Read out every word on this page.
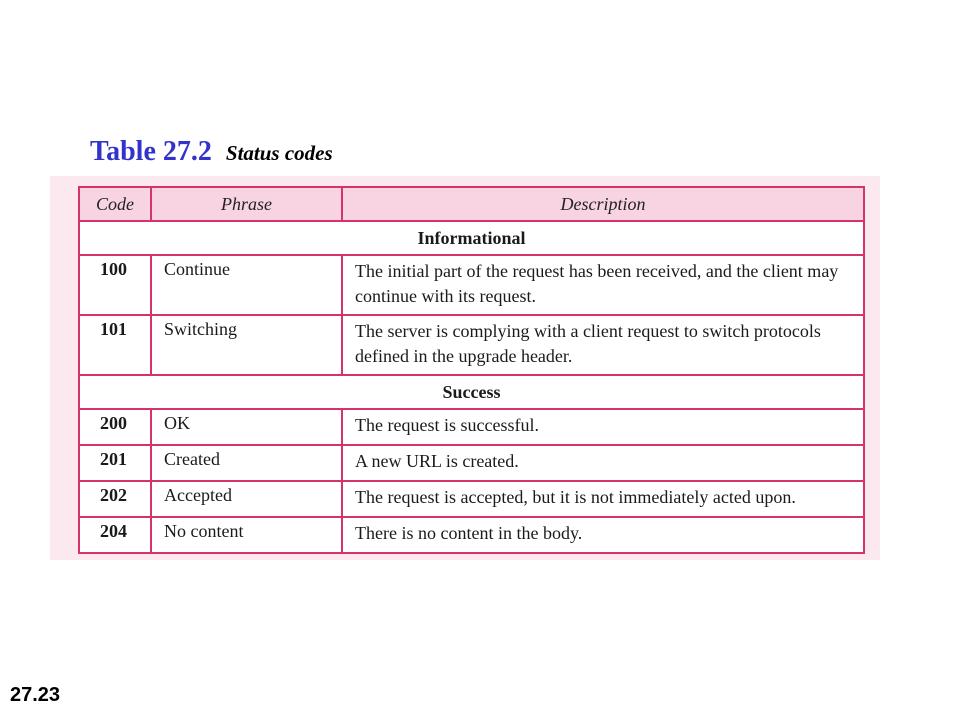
Table 27.2 Status codes
Code	Phrase	Description
Informational		
100	Continue	The initial part of the request has been received, and the client may continue with its request.
101	Switching	The server is complying with a client request to switch protocols defined in the upgrade header.
Success		
200	OK	The request is successful.
201	Created	A new URL is created.
202	Accepted	The request is accepted, but it is not immediately acted upon.
204	No content	There is no content in the body.
27.23
